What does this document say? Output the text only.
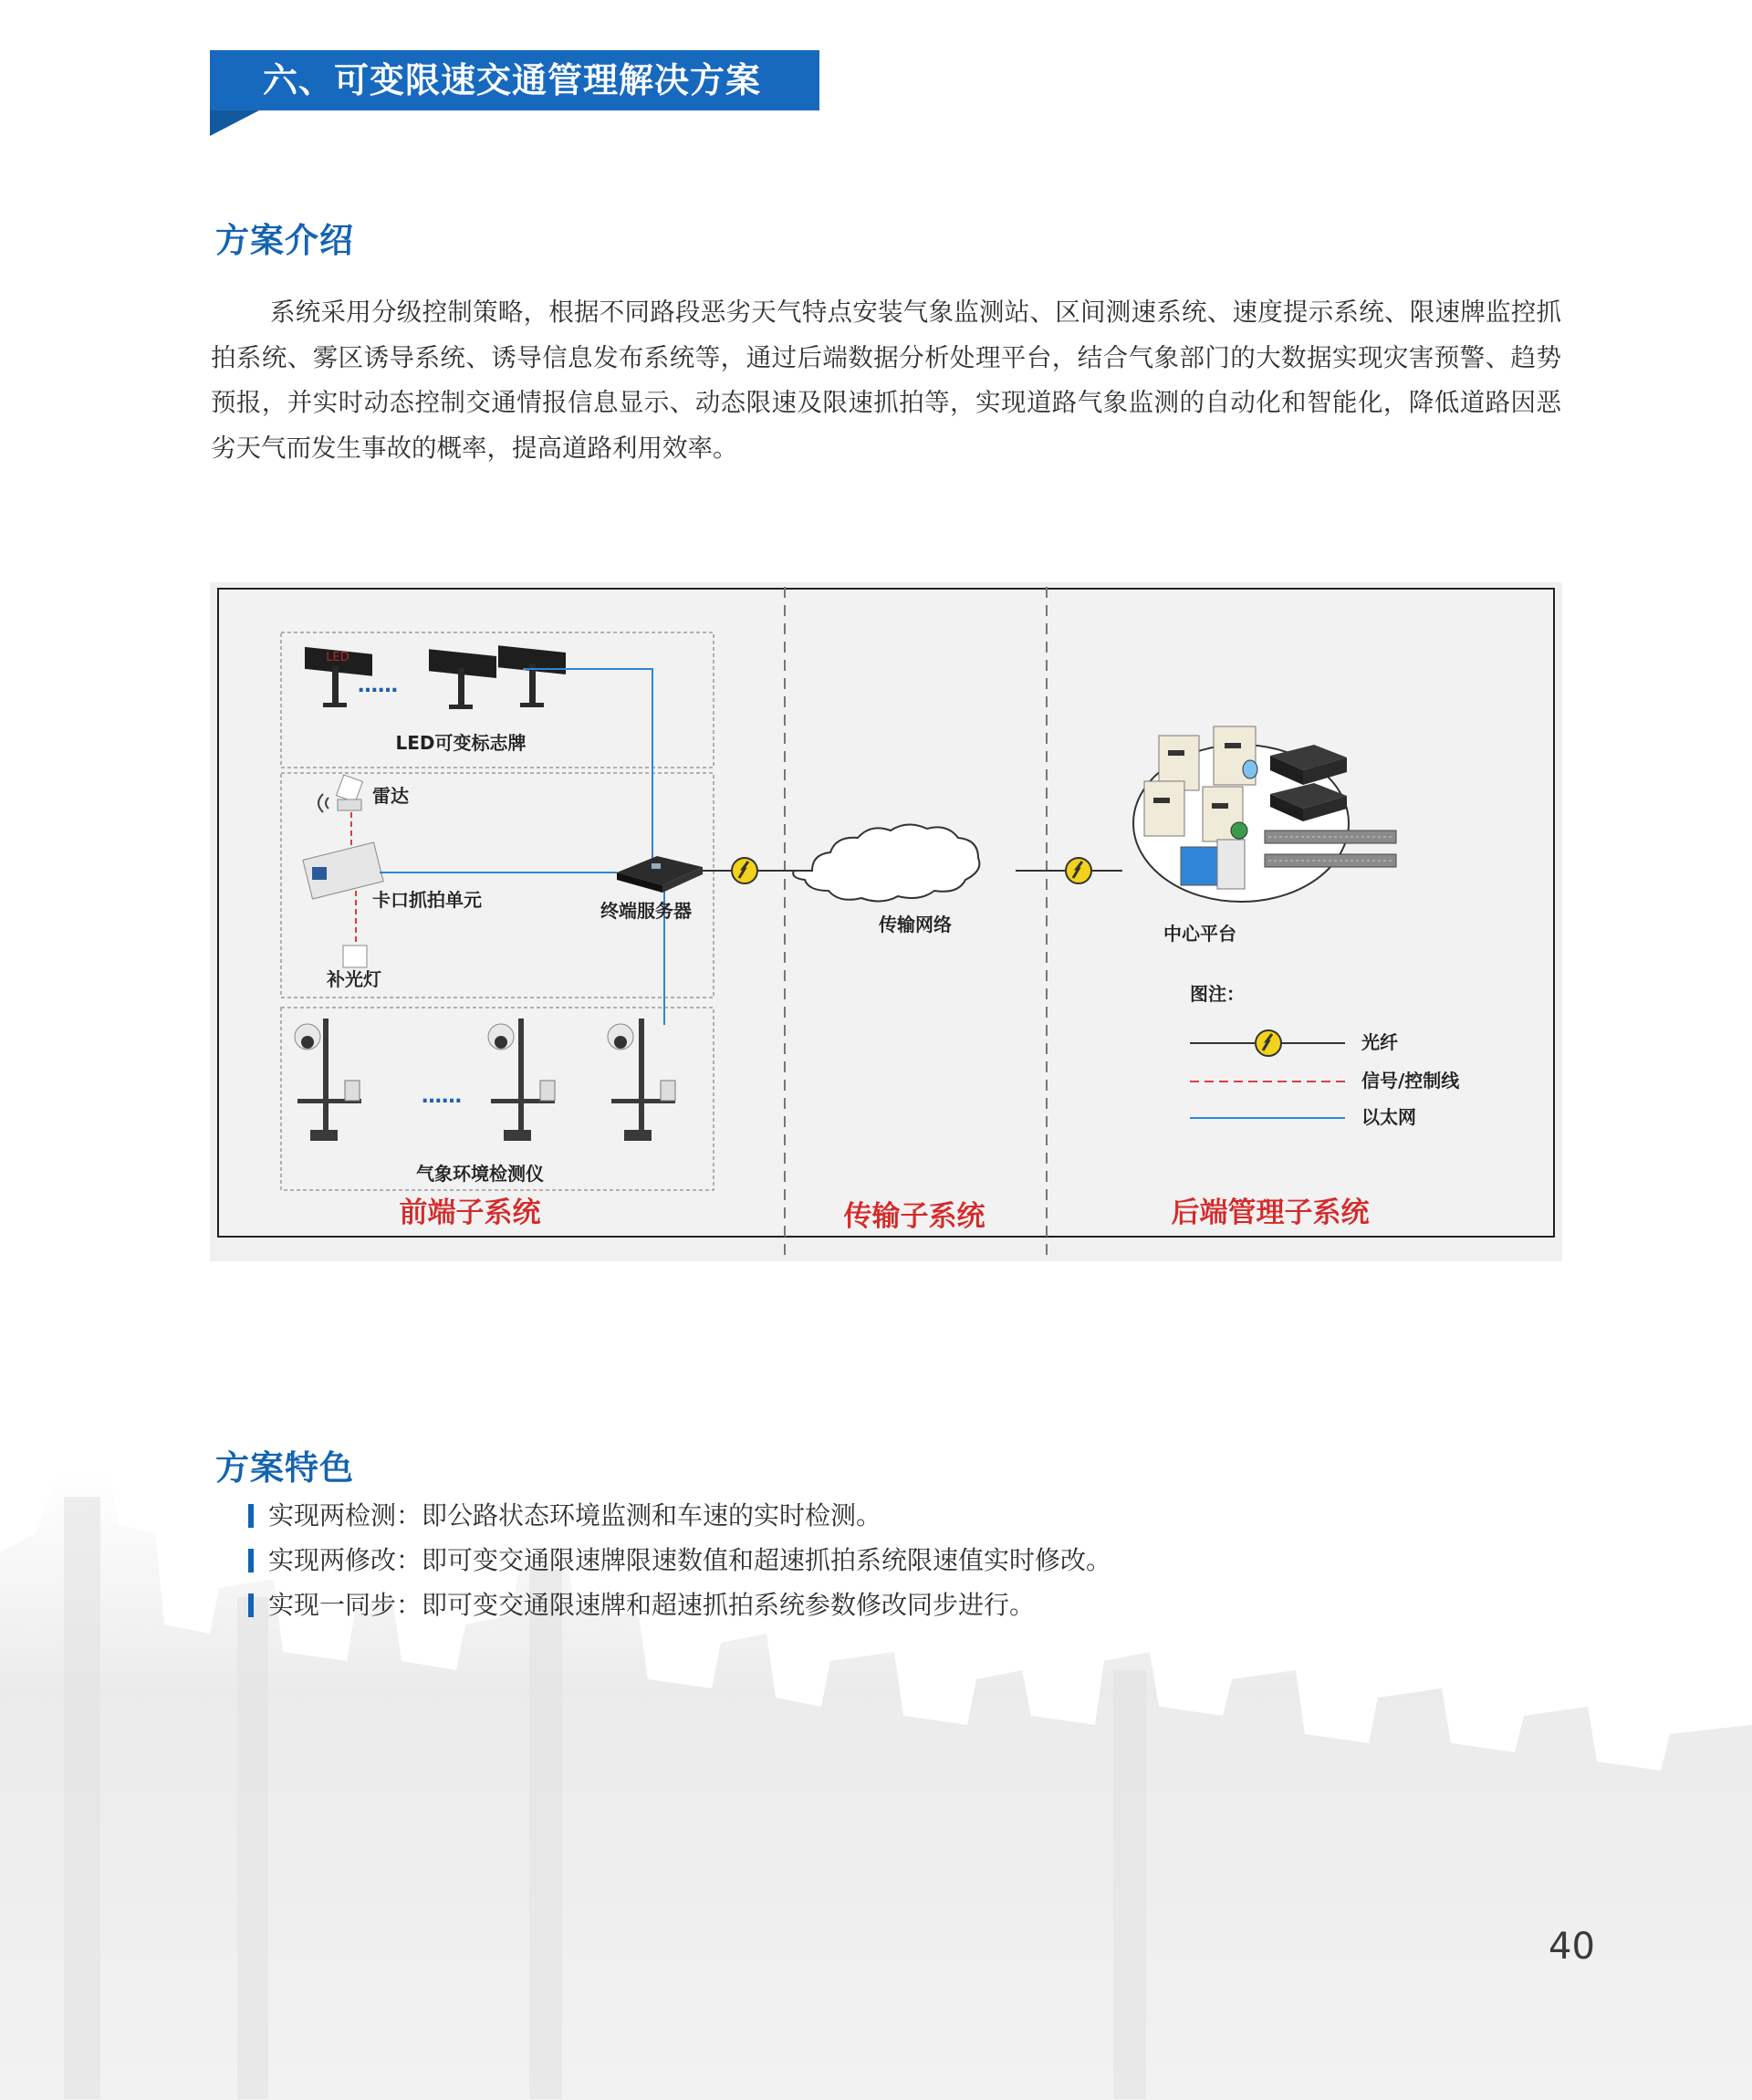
六、可变限速交通管理解决方案
方案介绍

系统采用分级控制策略，根据不同路段恶劣天气特点安装气象监测站、区间测速系统、速度提示系统、限速牌监控抓拍系统、雾区诱导系统、诱导信息发布系统等，通过后端数据分析处理平台，结合气象部门的大数据实现灾害预警、趋势预报，并实时动态控制交通情报信息显示、动态限速及限速抓拍等，实现道路气象监测的自动化和智能化，降低道路因恶劣天气而发生事故的概率，提高道路利用效率。

LED
……
LED可变标志牌
雷达
卡口抓拍单元
补光灯
终端服务器
……
气象环境检测仪
传输网络	中心平台
图注：
光纤
信号/控制线
以太网
前端子系统	传输子系统	后端管理子系统
方案特色
实现两检测：即公路状态环境监测和车速的实时检测。
实现两修改：即可变交通限速牌限速数值和超速抓拍系统限速值实时修改。
实现一同步：即可变交通限速牌和超速抓拍系统参数修改同步进行。
40
